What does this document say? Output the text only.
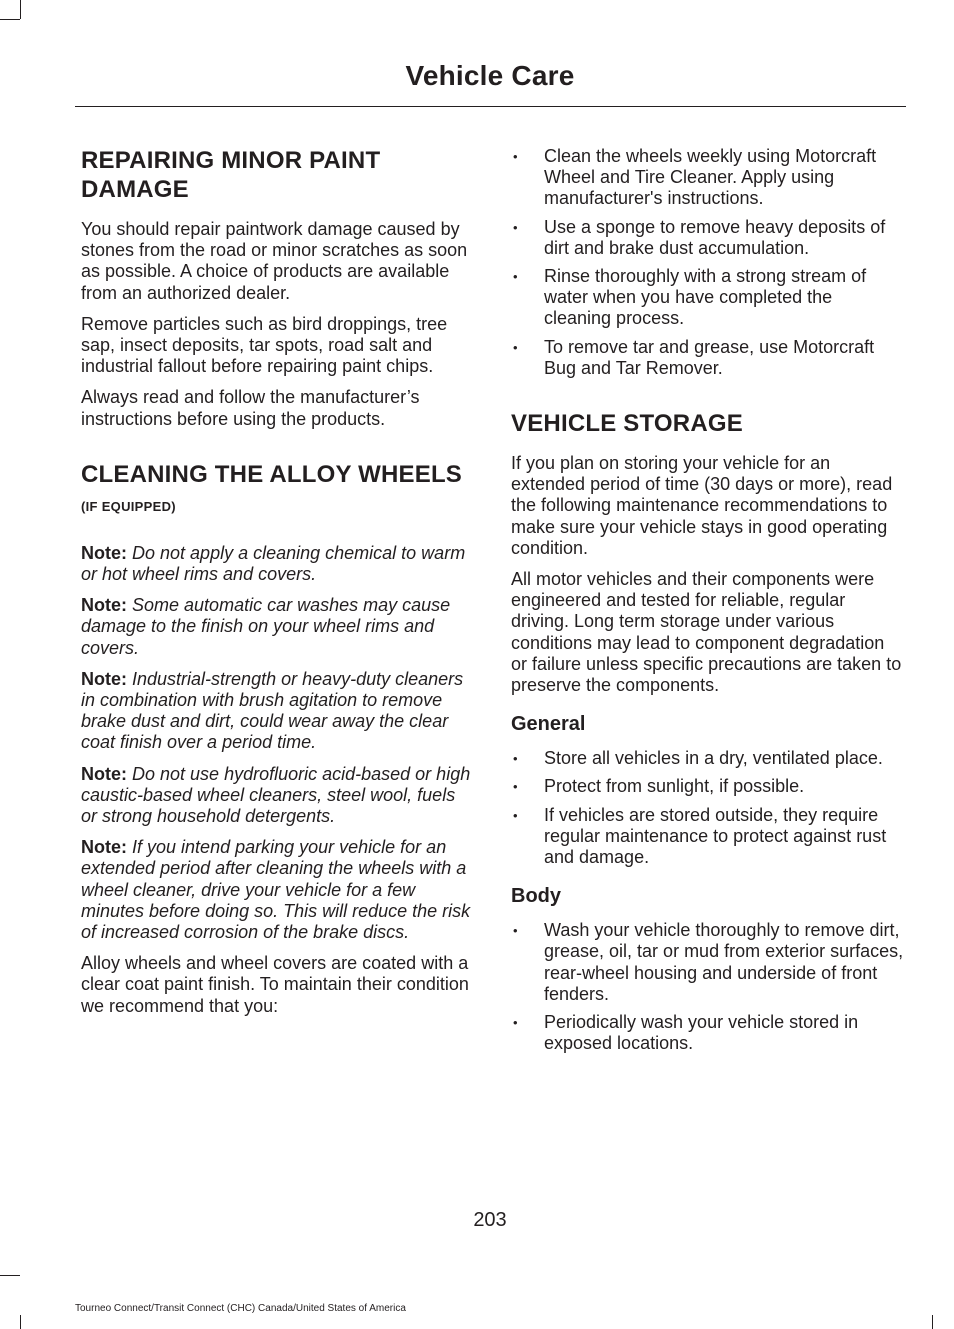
Vehicle Care
REPAIRING MINOR PAINT DAMAGE

You should repair paintwork damage caused by stones from the road or minor scratches as soon as possible. A choice of products are available from an authorized dealer.

Remove particles such as bird droppings, tree sap, insect deposits, tar spots, road salt and industrial fallout before repairing paint chips.

Always read and follow the manufacturer’s instructions before using the products.

CLEANING THE ALLOY WHEELS (IF EQUIPPED)

Note: Do not apply a cleaning chemical to warm or hot wheel rims and covers.

Note: Some automatic car washes may cause damage to the finish on your wheel rims and covers.

Note: Industrial-strength or heavy-duty cleaners in combination with brush agitation to remove brake dust and dirt, could wear away the clear coat finish over a period time.

Note: Do not use hydrofluoric acid-based or high caustic-based wheel cleaners, steel wool, fuels or strong household detergents.

Note: If you intend parking your vehicle for an extended period after cleaning the wheels with a wheel cleaner, drive your vehicle for a few minutes before doing so. This will reduce the risk of increased corrosion of the brake discs.

Alloy wheels and wheel covers are coated with a clear coat paint finish. To maintain their condition we recommend that you:

• Clean the wheels weekly using Motorcraft Wheel and Tire Cleaner. Apply using manufacturer's instructions.
• Use a sponge to remove heavy deposits of dirt and brake dust accumulation.
• Rinse thoroughly with a strong stream of water when you have completed the cleaning process.
• To remove tar and grease, use Motorcraft Bug and Tar Remover.
VEHICLE STORAGE

If you plan on storing your vehicle for an extended period of time (30 days or more), read the following maintenance recommendations to make sure your vehicle stays in good operating condition.

All motor vehicles and their components were engineered and tested for reliable, regular driving. Long term storage under various conditions may lead to component degradation or failure unless specific precautions are taken to preserve the components.

General
• Store all vehicles in a dry, ventilated place.
• Protect from sunlight, if possible.
• If vehicles are stored outside, they require regular maintenance to protect against rust and damage.
Body
• Wash your vehicle thoroughly to remove dirt, grease, oil, tar or mud from exterior surfaces, rear-wheel housing and underside of front fenders.
• Periodically wash your vehicle stored in exposed locations.
203
Tourneo Connect/Transit Connect (CHC) Canada/United States of America
